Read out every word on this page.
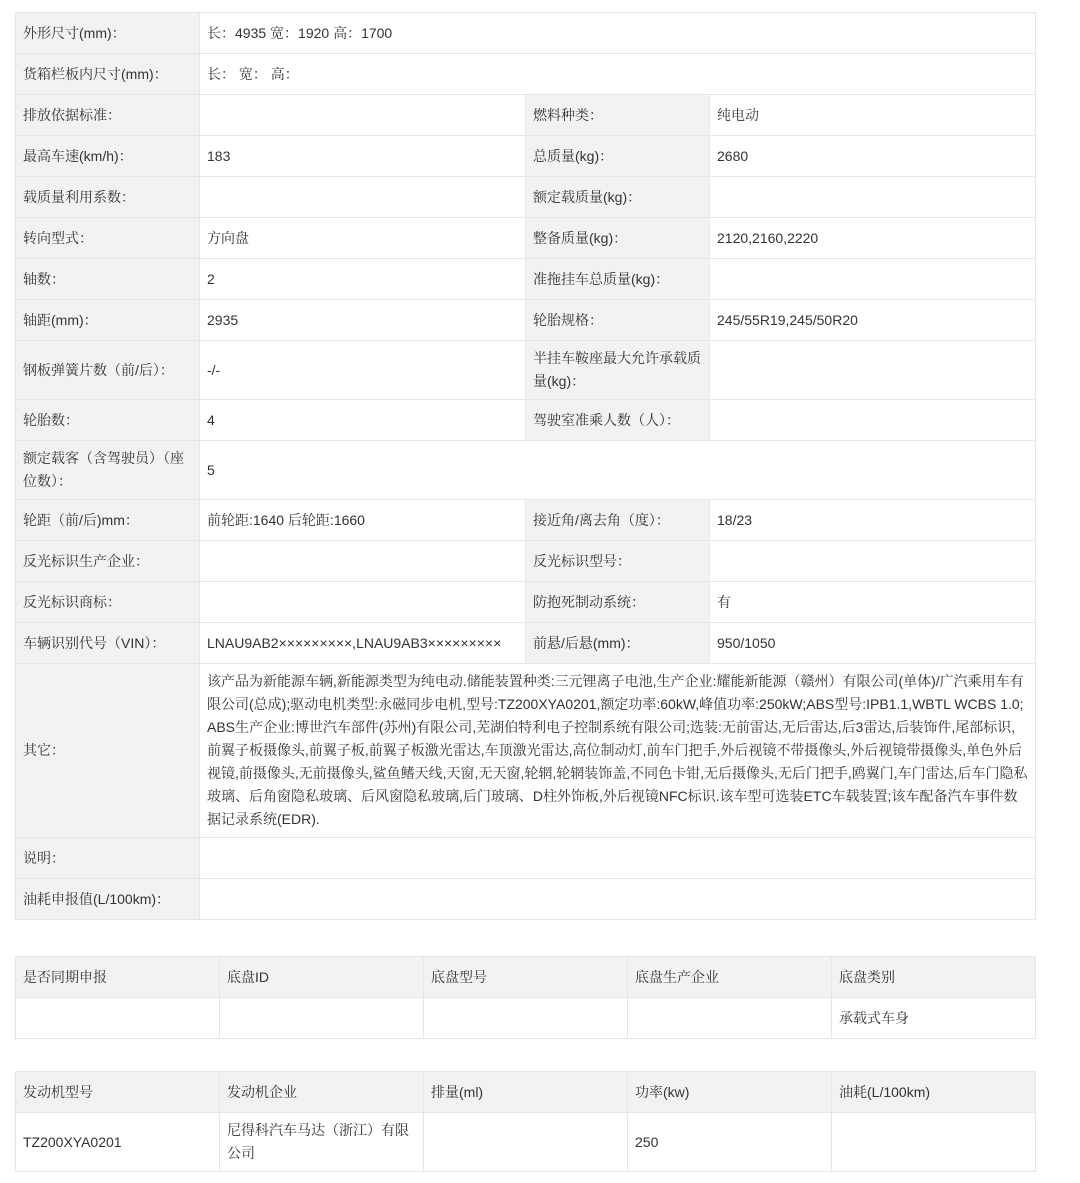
外形尺寸(mm)：	长：4935 宽：1920 高：1700		
货箱栏板内尺寸(mm)：	长： 宽： 高：		
排放依据标准：		燃料种类：	纯电动
最高车速(km/h)：	183	总质量(kg)：	2680
载质量利用系数：		额定载质量(kg)：	
转向型式：	方向盘	整备质量(kg)：	2120,2160,2220
轴数：	2	准拖挂车总质量(kg)：	
轴距(mm)：	2935	轮胎规格：	245/55R19,245/50R20
钢板弹簧片数（前/后）：	-/-	半挂车鞍座最大允许承载质量(kg)：	
轮胎数：	4	驾驶室准乘人数（人）：	
额定载客（含驾驶员）（座位数）：	5		
轮距（前/后)mm：	前轮距:1640 后轮距:1660	接近角/离去角（度）：	18/23
反光标识生产企业：		反光标识型号：	
反光标识商标：		防抱死制动系统：	有
车辆识别代号（VIN）：	LNAU9AB2×××××××××,LNAU9AB3×××××××××	前悬/后悬(mm)：	950/1050
其它：	该产品为新能源车辆,新能源类型为纯电动.储能装置种类:三元锂离子电池,生产企业:耀能新能源（赣州）有限公司(单体)/广汽乘用车有限公司(总成);驱动电机类型:永磁同步电机,型号:TZ200XYA0201,额定功率:60kW,峰值功率:250kW;ABS型号:IPB1.1,WBTL WCBS 1.0;ABS生产企业:博世汽车部件(苏州)有限公司,芜湖伯特利电子控制系统有限公司;选装:无前雷达,无后雷达,后3雷达,后装饰件,尾部标识,前翼子板摄像头,前翼子板,前翼子板激光雷达,车顶激光雷达,高位制动灯,前车门把手,外后视镜不带摄像头,外后视镜带摄像头,单色外后视镜,前摄像头,无前摄像头,鲨鱼鳍天线,天窗,无天窗,轮辋,轮辋装饰盖,不同色卡钳,无后摄像头,无后门把手,鸥翼门,车门雷达,后车门隐私玻璃、后角窗隐私玻璃、后风窗隐私玻璃,后门玻璃、D柱外饰板,外后视镜NFC标识.该车型可选装ETC车载装置;该车配备汽车事件数据记录系统(EDR).		
说明：			
油耗申报值(L/100km)：			
是否同期申报	底盘ID	底盘型号	底盘生产企业	底盘类别
				承载式车身
发动机型号	发动机企业	排量(ml)	功率(kw)	油耗(L/100km)
TZ200XYA0201	尼得科汽车马达（浙江）有限公司		250	
